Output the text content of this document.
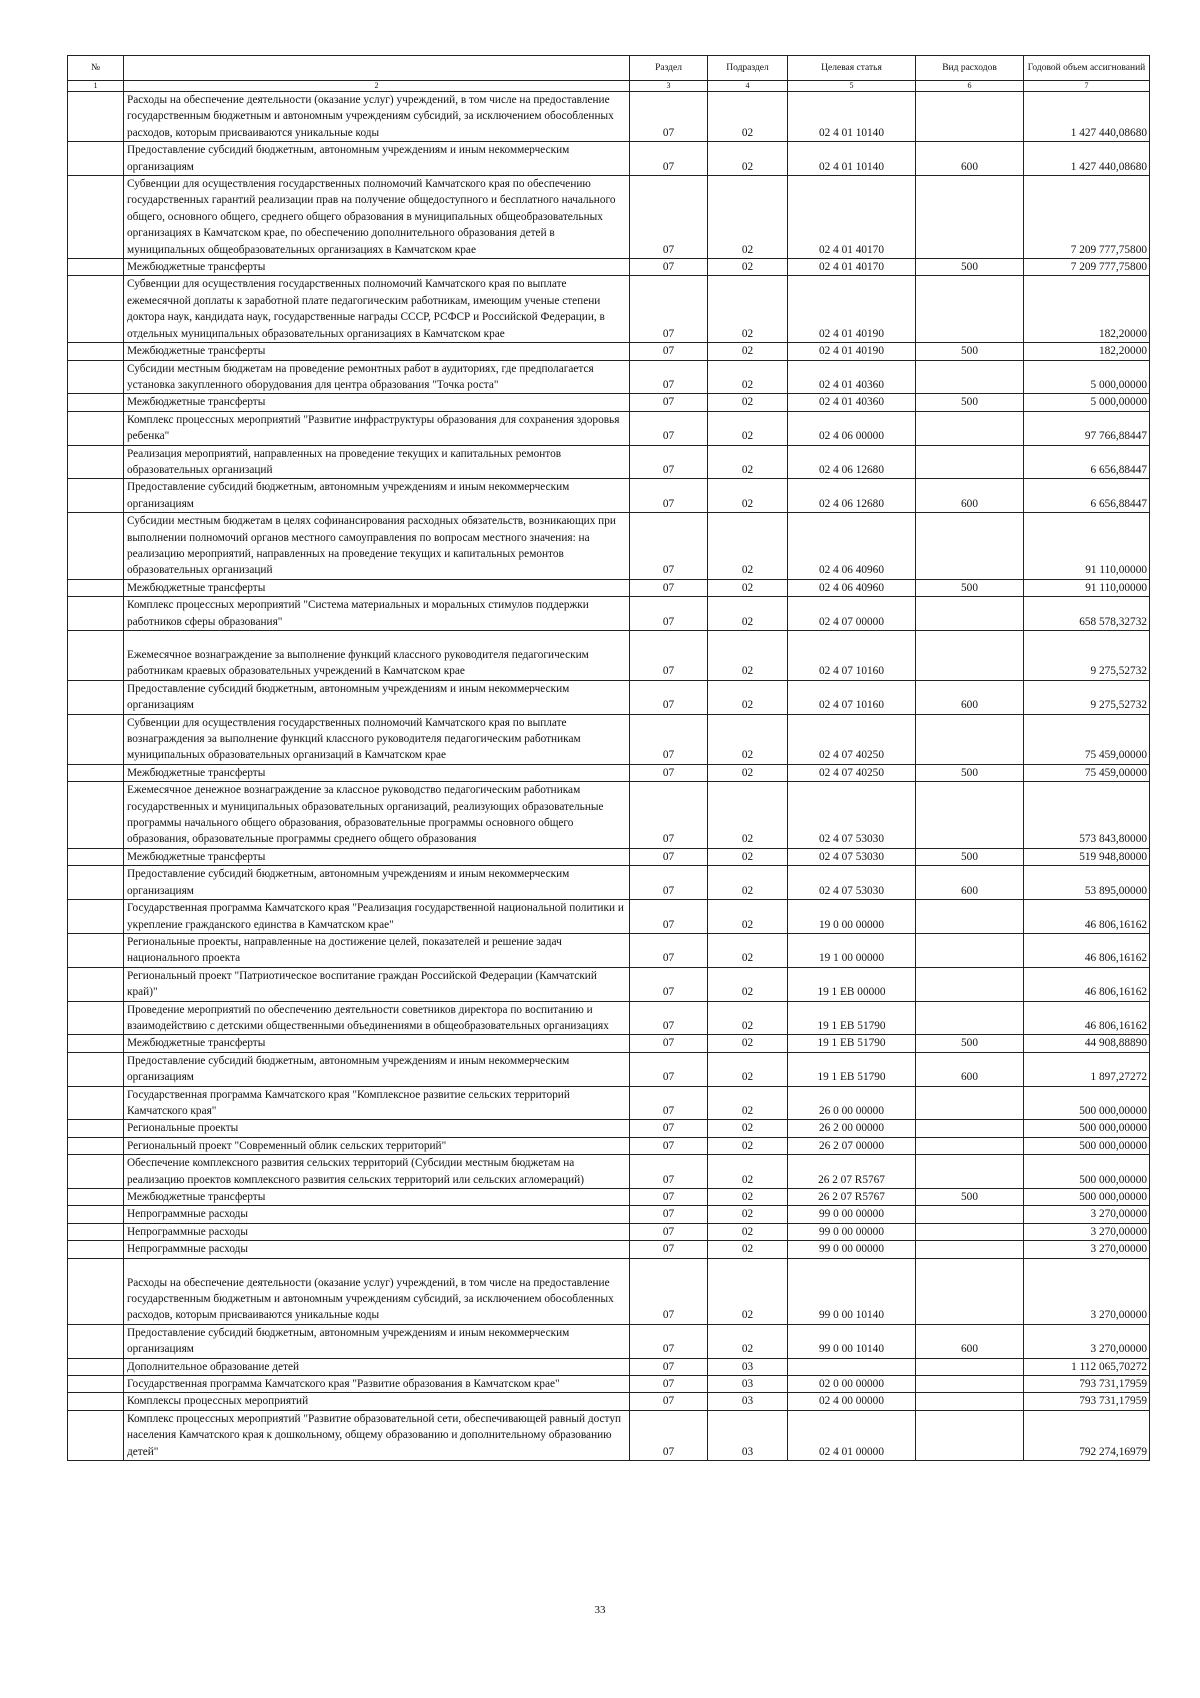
№		Раздел	Подраздел	Целевая статья	Вид расходов	Годовой объем ассигнований
1	2	3	4	5	6	7
	Расходы на обеспечение деятельности (оказание услуг) учреждений, в том числе на предоставление государственным бюджетным и автономным учреждениям субсидий, за исключением обособленных расходов, которым присваиваются уникальные коды	07	02	02 4 01 10140		1 427 440,08680
	Предоставление субсидий бюджетным, автономным учреждениям и иным некоммерческим организациям	07	02	02 4 01 10140	600	1 427 440,08680
	Субвенции для осуществления государственных полномочий Камчатского края по обеспечению государственных гарантий реализации прав на получение общедоступного и бесплатного начального общего, основного общего, среднего общего образования в муниципальных общеобразовательных организациях в Камчатском крае, по обеспечению дополнительного образования детей в муниципальных общеобразовательных организациях в Камчатском крае	07	02	02 4 01 40170		7 209 777,75800
	Межбюджетные трансферты	07	02	02 4 01 40170	500	7 209 777,75800
	Субвенции для осуществления государственных полномочий Камчатского края по выплате ежемесячной доплаты к заработной плате педагогическим работникам, имеющим ученые степени доктора наук, кандидата наук, государственные награды СССР, РСФСР и Российской Федерации, в отдельных муниципальных образовательных организациях в Камчатском крае	07	02	02 4 01 40190		182,20000
	Межбюджетные трансферты	07	02	02 4 01 40190	500	182,20000
	Субсидии местным бюджетам на проведение ремонтных работ в аудиториях, где предполагается установка закупленного оборудования для центра образования "Точка роста"	07	02	02 4 01 40360		5 000,00000
	Межбюджетные трансферты	07	02	02 4 01 40360	500	5 000,00000
	Комплекс процессных мероприятий "Развитие инфраструктуры образования для сохранения здоровья ребенка"	07	02	02 4 06 00000		97 766,88447
	Реализация мероприятий, направленных на проведение текущих и капитальных ремонтов образовательных организаций	07	02	02 4 06 12680		6 656,88447
	Предоставление субсидий бюджетным, автономным учреждениям и иным некоммерческим организациям	07	02	02 4 06 12680	600	6 656,88447
	Субсидии местным бюджетам в целях софинансирования расходных обязательств, возникающих при выполнении полномочий органов местного самоуправления по вопросам местного значения: на реализацию мероприятий, направленных на проведение текущих и капитальных ремонтов образовательных организаций	07	02	02 4 06 40960		91 110,00000
	Межбюджетные трансферты	07	02	02 4 06 40960	500	91 110,00000
	Комплекс процессных мероприятий "Система материальных и моральных стимулов поддержки работников сферы образования"	07	02	02 4 07 00000		658 578,32732
	Ежемесячное вознаграждение за выполнение функций классного руководителя педагогическим работникам краевых образовательных учреждений в Камчатском крае	07	02	02 4 07 10160		9 275,52732
	Предоставление субсидий бюджетным, автономным учреждениям и иным некоммерческим организациям	07	02	02 4 07 10160	600	9 275,52732
	Субвенции для осуществления государственных полномочий Камчатского края по выплате вознаграждения за выполнение функций классного руководителя педагогическим работникам муниципальных образовательных организаций в Камчатском крае	07	02	02 4 07 40250		75 459,00000
	Межбюджетные трансферты	07	02	02 4 07 40250	500	75 459,00000
	Ежемесячное денежное вознаграждение за классное руководство педагогическим работникам государственных и муниципальных образовательных организаций, реализующих образовательные программы начального общего образования, образовательные программы основного общего образования, образовательные программы среднего общего образования	07	02	02 4 07 53030		573 843,80000
	Межбюджетные трансферты	07	02	02 4 07 53030	500	519 948,80000
	Предоставление субсидий бюджетным, автономным учреждениям и иным некоммерческим организациям	07	02	02 4 07 53030	600	53 895,00000
	Государственная программа Камчатского края "Реализация государственной национальной политики и укрепление гражданского единства в Камчатском крае"	07	02	19 0 00 00000		46 806,16162
	Региональные проекты, направленные на достижение целей, показателей и решение задач национального проекта	07	02	19 1 00 00000		46 806,16162
	Региональный проект "Патриотическое воспитание граждан Российской Федерации (Камчатский край)"	07	02	19 1 ЕВ 00000		46 806,16162
	Проведение мероприятий по обеспечению деятельности советников директора по воспитанию и взаимодействию с детскими общественными объединениями в общеобразовательных организациях	07	02	19 1 ЕВ 51790		46 806,16162
	Межбюджетные трансферты	07	02	19 1 ЕВ 51790	500	44 908,88890
	Предоставление субсидий бюджетным, автономным учреждениям и иным некоммерческим организациям	07	02	19 1 ЕВ 51790	600	1 897,27272
	Государственная программа Камчатского края "Комплексное развитие сельских территорий Камчатского края"	07	02	26 0 00 00000		500 000,00000
	Региональные проекты	07	02	26 2 00 00000		500 000,00000
	Региональный проект "Современный облик сельских территорий"	07	02	26 2 07 00000		500 000,00000
	Обеспечение комплексного развития сельских территорий (Субсидии местным бюджетам на реализацию проектов комплексного развития сельских территорий или сельских агломераций)	07	02	26 2 07 R5767		500 000,00000
	Межбюджетные трансферты	07	02	26 2 07 R5767	500	500 000,00000
	Непрограммные расходы	07	02	99 0 00 00000		3 270,00000
	Непрограммные расходы	07	02	99 0 00 00000		3 270,00000
	Непрограммные расходы	07	02	99 0 00 00000		3 270,00000
	Расходы на обеспечение деятельности (оказание услуг) учреждений, в том числе на предоставление государственным бюджетным и автономным учреждениям субсидий, за исключением обособленных расходов, которым присваиваются уникальные коды	07	02	99 0 00 10140		3 270,00000
	Предоставление субсидий бюджетным, автономным учреждениям и иным некоммерческим организациям	07	02	99 0 00 10140	600	3 270,00000
	Дополнительное образование детей	07	03			1 112 065,70272
	Государственная программа Камчатского края "Развитие образования в Камчатском крае"	07	03	02 0 00 00000		793 731,17959
	Комплексы процессных мероприятий	07	03	02 4 00 00000		793 731,17959
	Комплекс процессных мероприятий "Развитие образовательной сети, обеспечивающей равный доступ населения Камчатского края к дошкольному, общему образованию и дополнительному образованию детей"	07	03	02 4 01 00000		792 274,16979
33
